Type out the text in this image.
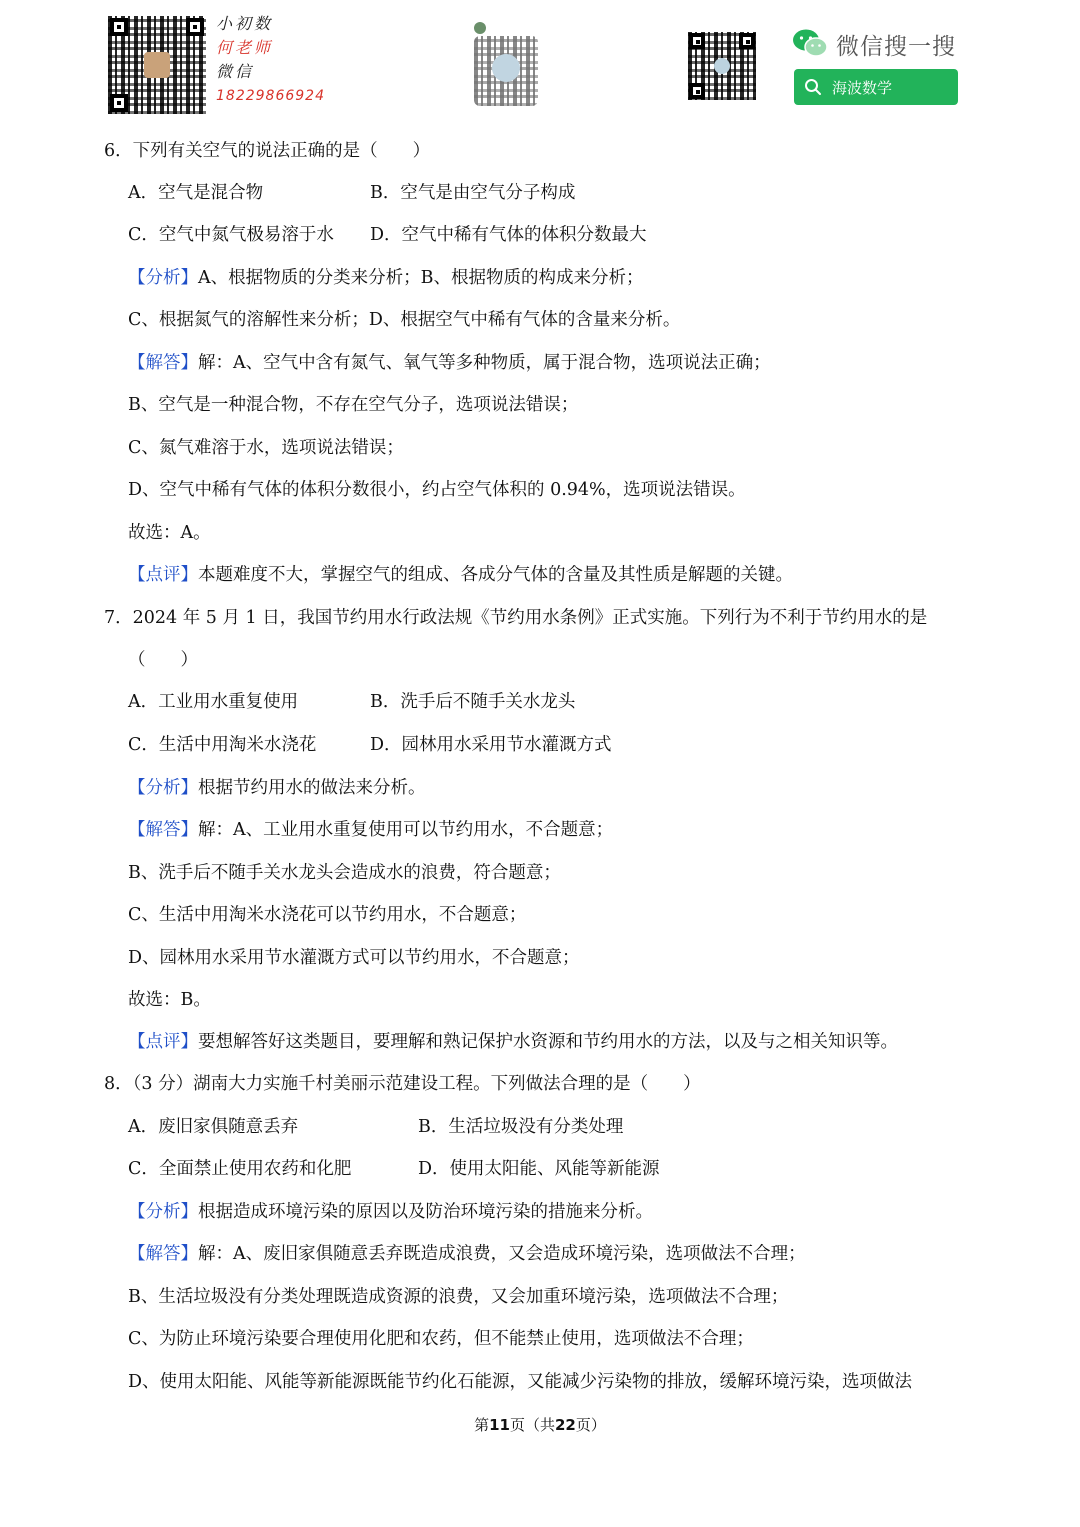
小初数
何老师
微信
18229866924
微信搜一搜
海波数学
6．下列有关空气的说法正确的是（　　）
A．空气是混合物	B．空气是由空气分子构成
C．空气中氮气极易溶于水 D．空气中稀有气体的体积分数最大
【分析】A、根据物质的分类来分析；B、根据物质的构成来分析；
C、根据氮气的溶解性来分析；D、根据空气中稀有气体的含量来分析。
【解答】解：A、空气中含有氮气、氧气等多种物质，属于混合物，选项说法正确；
B、空气是一种混合物，不存在空气分子，选项说法错误；
C、氮气难溶于水，选项说法错误；
D、空气中稀有气体的体积分数很小，约占空气体积的 0.94%，选项说法错误。
故选：A。
【点评】本题难度不大，掌握空气的组成、各成分气体的含量及其性质是解题的关键。
7．2024 年 5 月 1 日，我国节约用水行政法规《节约用水条例》正式实施。下列行为不利于节约用水的是
（　　）
A．工业用水重复使用	B．洗手后不随手关水龙头
C．生活中用淘米水浇花	D．园林用水采用节水灌溉方式
【分析】根据节约用水的做法来分析。
【解答】解：A、工业用水重复使用可以节约用水，不合题意；
B、洗手后不随手关水龙头会造成水的浪费，符合题意；
C、生活中用淘米水浇花可以节约用水，不合题意；
D、园林用水采用节水灌溉方式可以节约用水，不合题意；
故选：B。
【点评】要想解答好这类题目，要理解和熟记保护水资源和节约用水的方法，以及与之相关知识等。
8．（3 分）湖南大力实施千村美丽示范建设工程。下列做法合理的是（　　）
A．废旧家俱随意丢弃	B．生活垃圾没有分类处理
C．全面禁止使用农药和化肥	D．使用太阳能、风能等新能源
【分析】根据造成环境污染的原因以及防治环境污染的措施来分析。
【解答】解：A、废旧家俱随意丢弃既造成浪费，又会造成环境污染，选项做法不合理；
B、生活垃圾没有分类处理既造成资源的浪费，又会加重环境污染，选项做法不合理；
C、为防止环境污染要合理使用化肥和农药，但不能禁止使用，选项做法不合理；
D、使用太阳能、风能等新能源既能节约化石能源，又能减少污染物的排放，缓解环境污染，选项做法
第11页（共22页）
